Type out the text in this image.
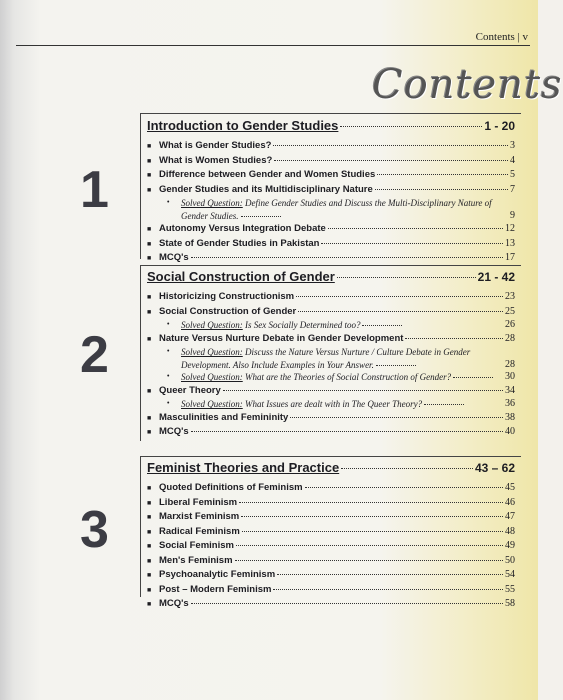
Contents | v
Contents
1
Introduction to Gender Studies	1 - 20
■ What is Gender Studies?	3
■ What is Women Studies?	4
■ Difference between Gender and Women Studies	5
■ Gender Studies and its Multidisciplinary Nature	7
•	Solved Question: Define Gender Studies and Discuss the Multi-Disciplinary Nature of Gender Studies.	9
■ Autonomy Versus Integration Debate	12
■ State of Gender Studies in Pakistan	13
■ MCQ's	17
2
Social Construction of Gender	21 - 42
■ Historicizing Constructionism	23
■ Social Construction of Gender	25
•	Solved Question: Is Sex Socially Determined too?	26
■ Nature Versus Nurture Debate in Gender Development	28
•	Solved Question: Discuss the Nature Versus Nurture / Culture Debate in Gender Development. Also Include Examples in Your Answer.	28
•	Solved Question: What are the Theories of Social Construction of Gender?	30
■ Queer Theory	34
•	Solved Question: What Issues are dealt with in The Queer Theory?	36
■ Masculinities and Femininity	38
■ MCQ's	40
3
Feminist Theories and Practice	43 – 62
■ Quoted Definitions of Feminism	45
■ Liberal Feminism	46
■ Marxist Feminism	47
■ Radical Feminism	48
■ Social Feminism	49
■ Men's Feminism	50
■ Psychoanalytic Feminism	54
■ Post – Modern Feminism	55
■ MCQ's	58
